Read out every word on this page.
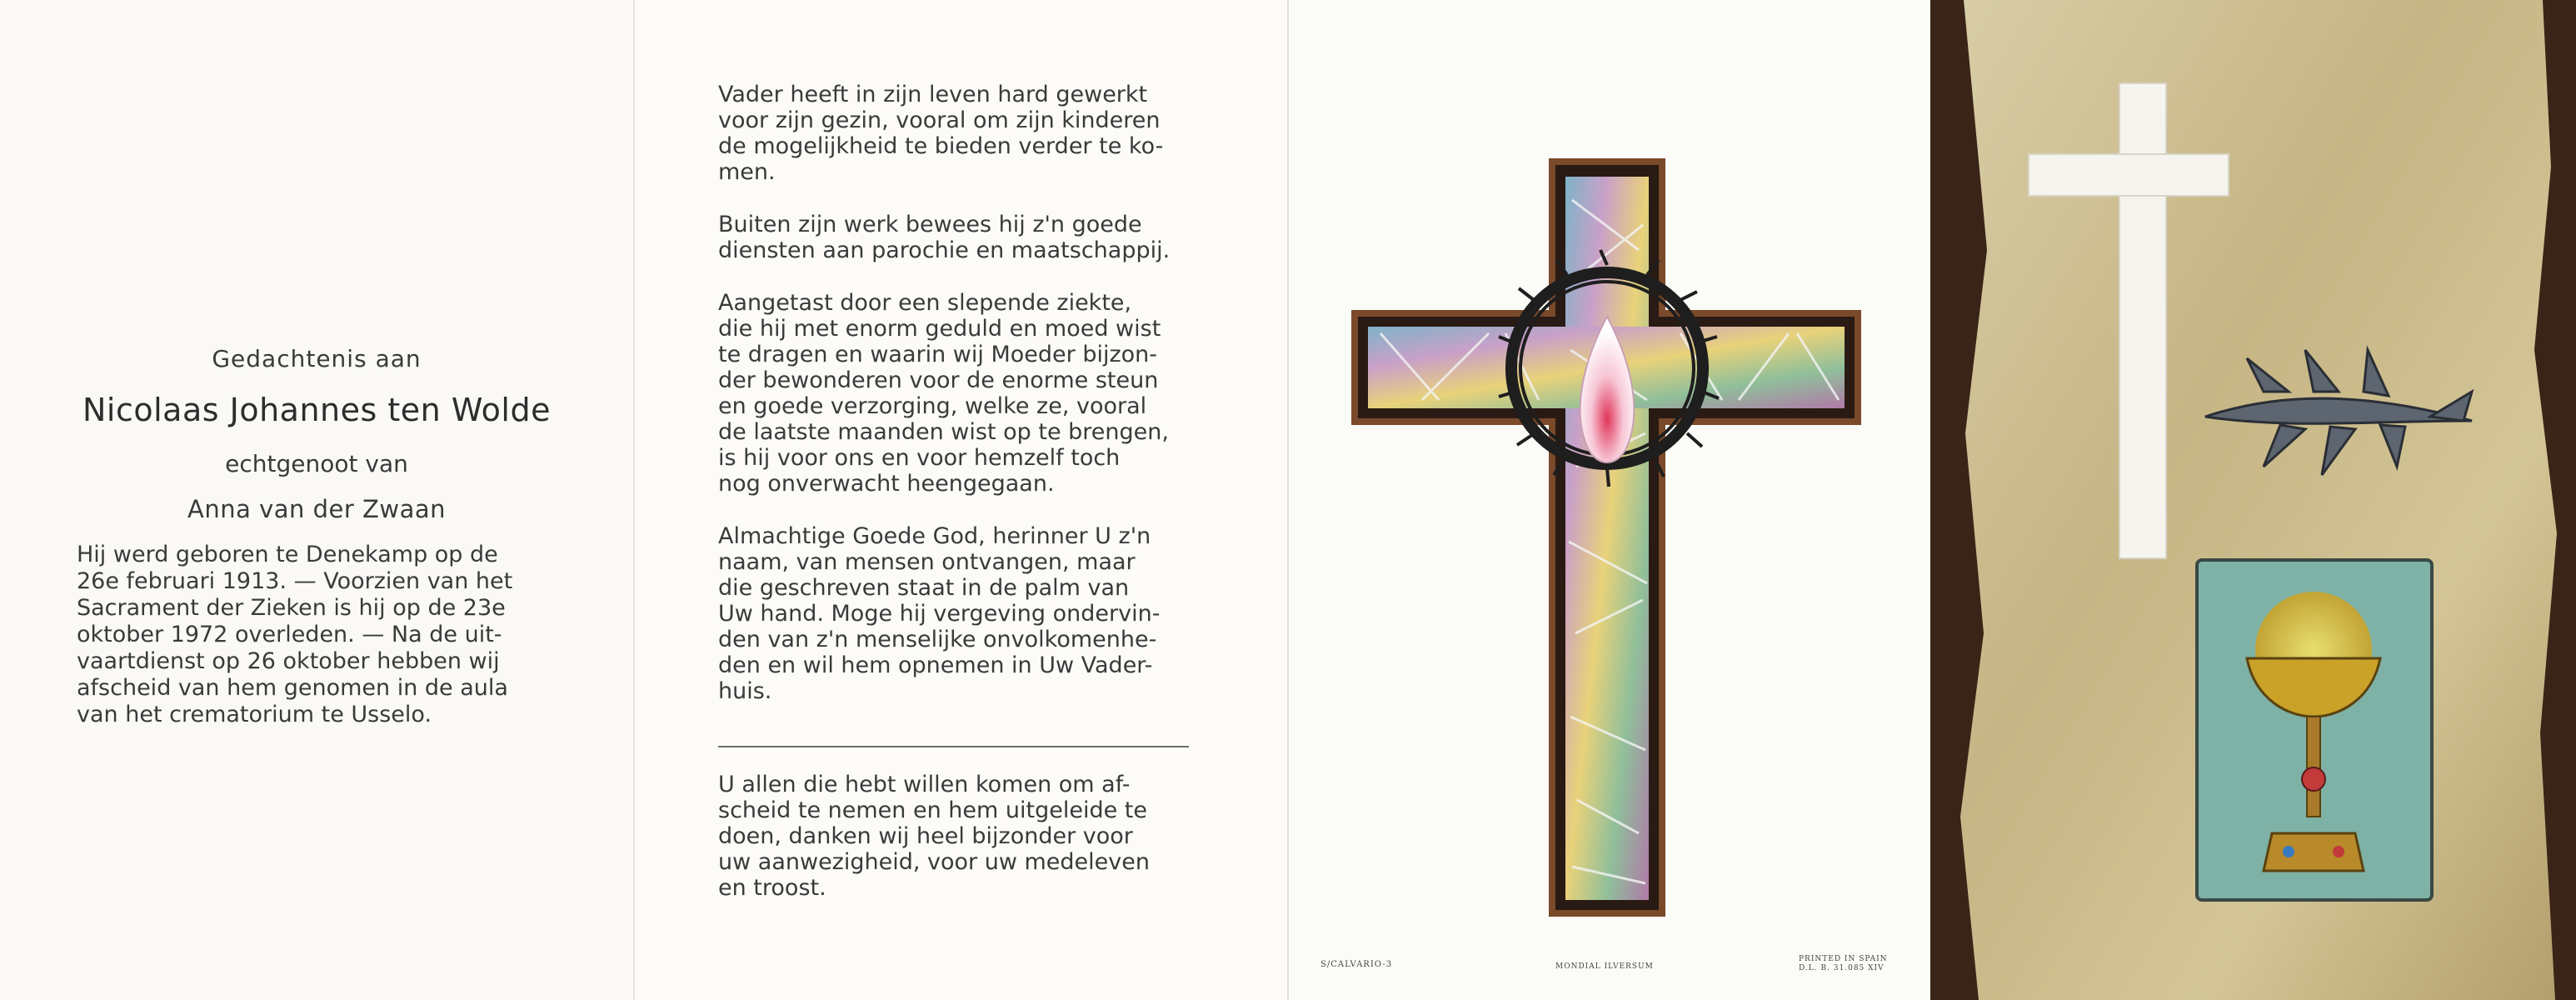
Gedachtenis aan
Nicolaas Johannes ten Wolde
echtgenoot van
Anna van der Zwaan
Hij werd geboren te Denekamp op de
26e februari 1913. — Voorzien van het
Sacrament der Zieken is hij op de 23e
oktober 1972 overleden. — Na de uit-
vaartdienst op 26 oktober hebben wij
afscheid van hem genomen in de aula
van het crematorium te Usselo.
Vader heeft in zijn leven hard gewerkt
voor zijn gezin, vooral om zijn kinderen
de mogelijkheid te bieden verder te ko-
men.
Buiten zijn werk bewees hij z'n goede
diensten aan parochie en maatschappij.
Aangetast door een slepende ziekte,
die hij met enorm geduld en moed wist
te dragen en waarin wij Moeder bijzon-
der bewonderen voor de enorme steun
en goede verzorging, welke ze, vooral
de laatste maanden wist op te brengen,
is hij voor ons en voor hemzelf toch
nog onverwacht heengegaan.
Almachtige Goede God, herinner U z'n
naam, van mensen ontvangen, maar
die geschreven staat in de palm van
Uw hand. Moge hij vergeving ondervin-
den van z'n menselijke onvolkomenhe-
den en wil hem opnemen in Uw Vader-
huis.
U allen die hebt willen komen om af-
scheid te nemen en hem uitgeleide te
doen, danken wij heel bijzonder voor
uw aanwezigheid, voor uw medeleven
en troost.
S/CALVARIO-3	MONDIAL ILVERSUM
PRINTED IN SPAIN
D.L. B. 31.085 XIV
